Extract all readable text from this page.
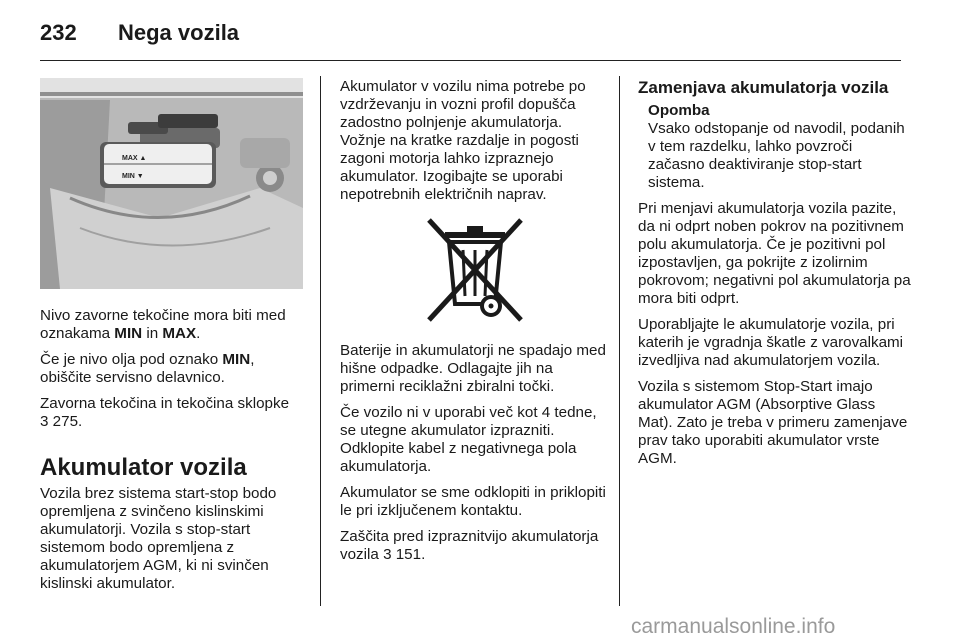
232 Nega vozila
MAX ▲
MIN ▼

Nivo zavorne tekočine mora biti med oznakama MIN in MAX.

Če je nivo olja pod oznako MIN, obiščite servisno delavnico.

Zavorna tekočina in tekočina sklopke
3 275.

Akumulator vozila

Vozila brez sistema start-stop bodo opremljena z svinčeno kislinskimi akumulatorji. Vozila s stop-start sistemom bodo opremljena z akumulatorjem AGM, ki ni svinčen kislinski akumulator.

Akumulator v vozilu nima potrebe po vzdrževanju in vozni profil dopušča zadostno polnjenje akumulatorja. Vožnje na kratke razdalje in pogosti zagoni motorja lahko izpraznejo akumulator. Izogibajte se uporabi nepotrebnih električnih naprav.

Baterije in akumulatorji ne spadajo med hišne odpadke. Odlagajte jih na primerni reciklažni zbiralni točki.

Če vozilo ni v uporabi več kot 4 tedne, se utegne akumulator izprazniti. Odklopite kabel z negativnega pola akumulatorja.

Akumulator se sme odklopiti in priklopiti le pri izključenem kontaktu.

Zaščita pred izpraznitvijo akumulatorja vozila 3 151.

Zamenjava akumulatorja vozila
Opomba
Vsako odstopanje od navodil, podanih v tem razdelku, lahko povzroči začasno deaktiviranje stop-start sistema.

Pri menjavi akumulatorja vozila pazite, da ni odprt noben pokrov na pozitivnem polu akumulatorja. Če je pozitivni pol izpostavljen, ga pokrijte z izolirnim pokrovom; negativni pol akumulatorja pa mora biti odprt.

Uporabljajte le akumulatorje vozila, pri katerih je vgradnja škatle z varovalkami izvedljiva nad akumulatorjem vozila.

Vozila s sistemom Stop-Start imajo akumulator AGM (Absorptive Glass Mat). Zato je treba v primeru zamenjave prav tako uporabiti akumulator vrste AGM.

carmanualsonline.info
